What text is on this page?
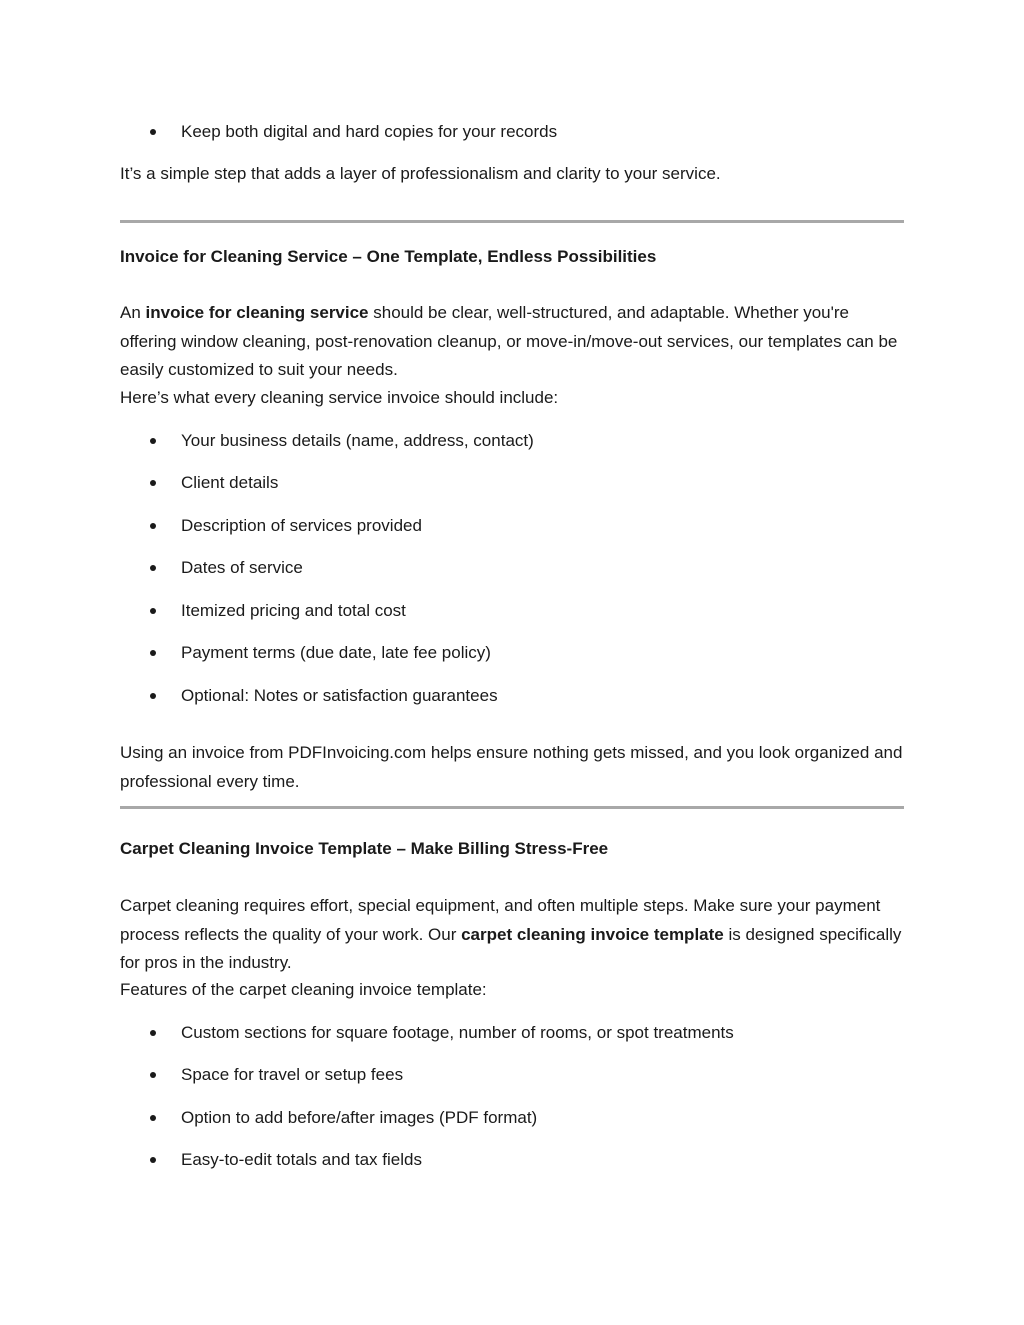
Keep both digital and hard copies for your records
It’s a simple step that adds a layer of professionalism and clarity to your service.
Invoice for Cleaning Service – One Template, Endless Possibilities

An invoice for cleaning service should be clear, well-structured, and adaptable. Whether you're offering window cleaning, post-renovation cleanup, or move-in/move-out services, our templates can be easily customized to suit your needs.

Here’s what every cleaning service invoice should include:
Your business details (name, address, contact)
Client details
Description of services provided
Dates of service
Itemized pricing and total cost
Payment terms (due date, late fee policy)
Optional: Notes or satisfaction guarantees

Using an invoice from PDFInvoicing.com helps ensure nothing gets missed, and you look organized and professional every time.

Carpet Cleaning Invoice Template – Make Billing Stress-Free

Carpet cleaning requires effort, special equipment, and often multiple steps. Make sure your payment process reflects the quality of your work. Our carpet cleaning invoice template is designed specifically for pros in the industry.

Features of the carpet cleaning invoice template:
Custom sections for square footage, number of rooms, or spot treatments
Space for travel or setup fees
Option to add before/after images (PDF format)
Easy-to-edit totals and tax fields
